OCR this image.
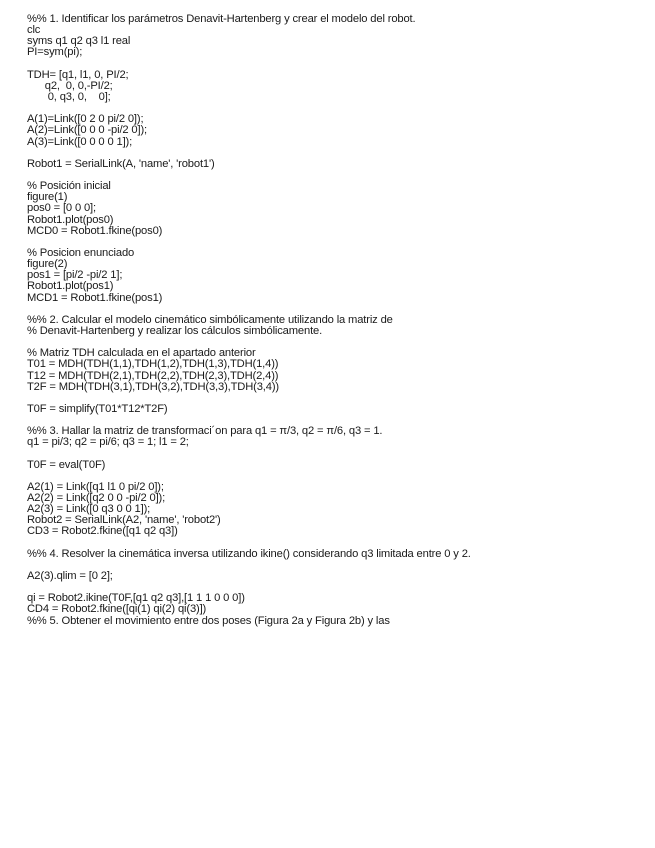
%% 1. Identificar los parámetros Denavit-Hartenberg y crear el modelo del robot.
clc
syms q1 q2 q3 l1 real
PI=sym(pi);
TDH= [q1, l1, 0, PI/2;
q2,  0, 0,-PI/2;
0, q3, 0,    0];
A(1)=Link([0 2 0 pi/2 0]);
A(2)=Link([0 0 0 -pi/2 0]);
A(3)=Link([0 0 0 0 1]);
Robot1 = SerialLink(A, 'name', 'robot1')
% Posición inicial
figure(1)
pos0 = [0 0 0];
Robot1.plot(pos0)
MCD0 = Robot1.fkine(pos0)
% Posicion enunciado
figure(2)
pos1 = [pi/2 -pi/2 1];
Robot1.plot(pos1)
MCD1 = Robot1.fkine(pos1)
%% 2. Calcular el modelo cinemático simbólicamente utilizando la matriz de
% Denavit-Hartenberg y realizar los cálculos simbólicamente.
% Matriz TDH calculada en el apartado anterior
T01 = MDH(TDH(1,1),TDH(1,2),TDH(1,3),TDH(1,4))
T12 = MDH(TDH(2,1),TDH(2,2),TDH(2,3),TDH(2,4))
T2F = MDH(TDH(3,1),TDH(3,2),TDH(3,3),TDH(3,4))
T0F = simplify(T01*T12*T2F)
%% 3. Hallar la matriz de transformaci´on para q1 = π/3, q2 = π/6, q3 = 1.
q1 = pi/3; q2 = pi/6; q3 = 1; l1 = 2;
T0F = eval(T0F)
A2(1) = Link([q1 l1 0 pi/2 0]);
A2(2) = Link([q2 0 0 -pi/2 0]);
A2(3) = Link([0 q3 0 0 1]);
Robot2 = SerialLink(A2, 'name', 'robot2')
CD3 = Robot2.fkine([q1 q2 q3])
%% 4. Resolver la cinemática inversa utilizando ikine() considerando q3 limitada entre 0 y 2.
A2(3).qlim = [0 2];
qi = Robot2.ikine(T0F,[q1 q2 q3],[1 1 1 0 0 0])
CD4 = Robot2.fkine([qi(1) qi(2) qi(3)])
%% 5. Obtener el movimiento entre dos poses (Figura 2a y Figura 2b) y las
